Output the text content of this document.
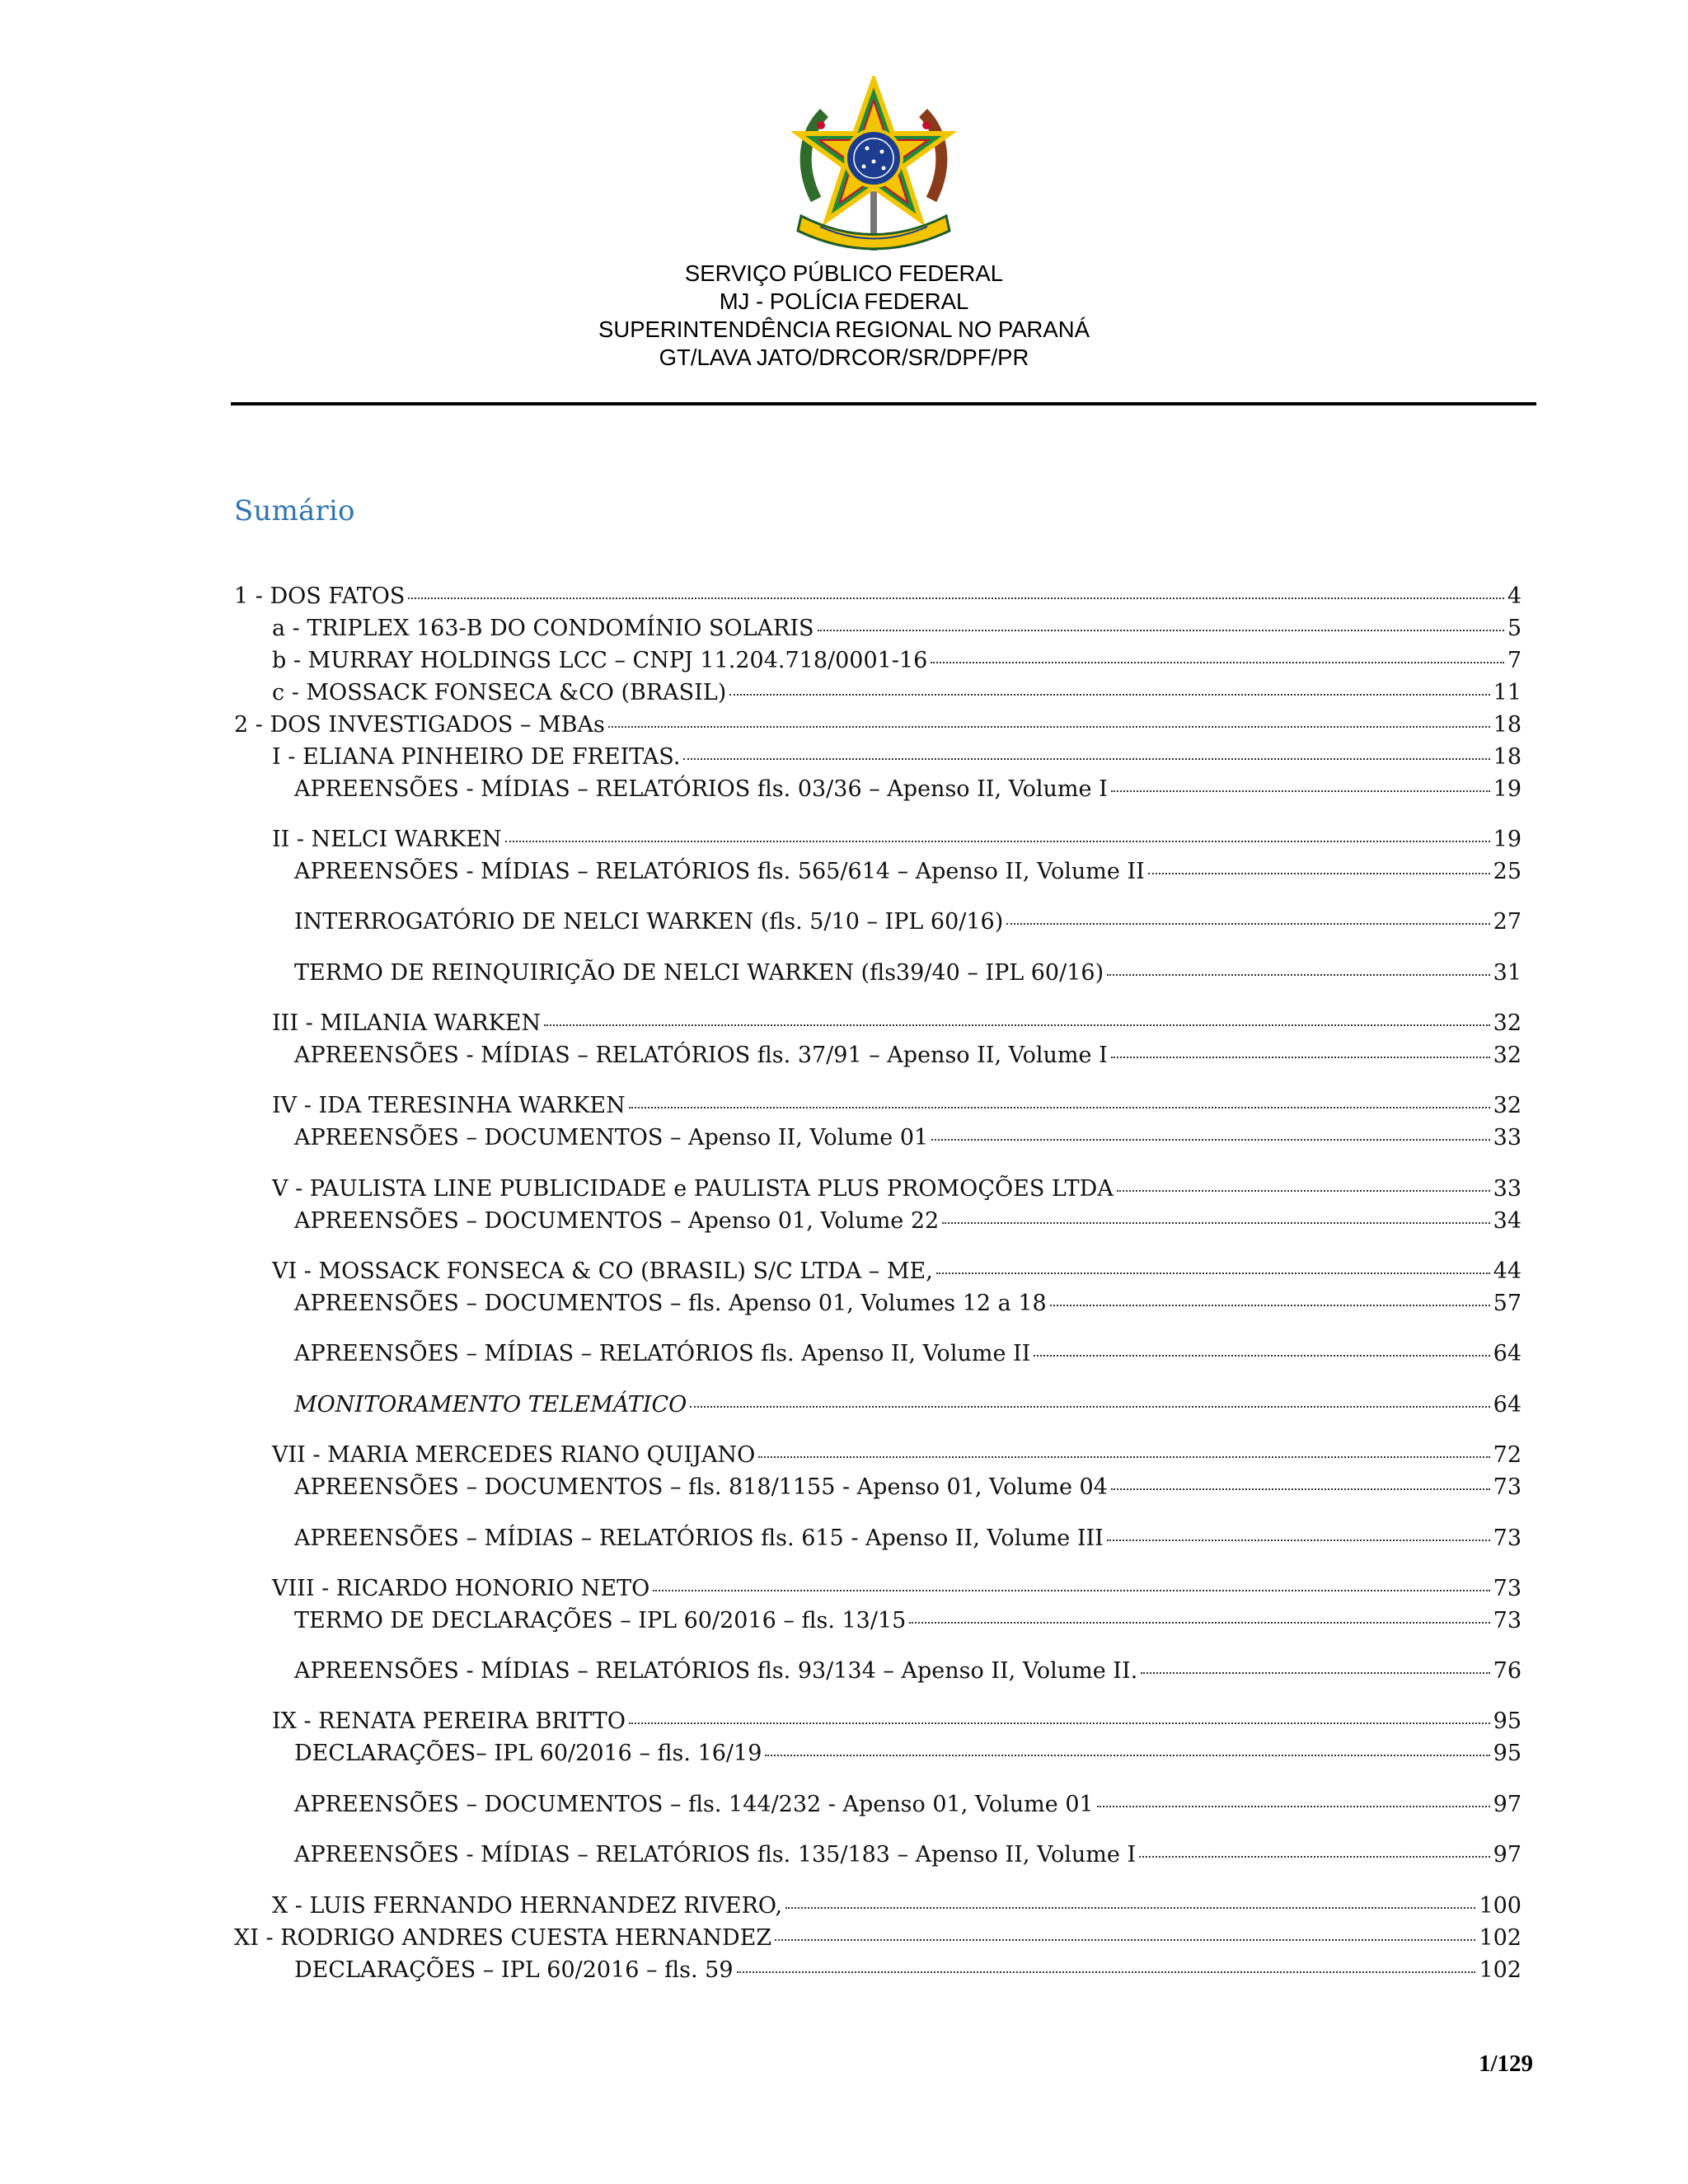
SERVIÇO PÚBLICO FEDERAL
MJ - POLÍCIA FEDERAL
SUPERINTENDÊNCIA REGIONAL NO PARANÁ
GT/LAVA JATO/DRCOR/SR/DPF/PR
Sumário
1 - DOS FATOS	4
a - TRIPLEX 163-B DO CONDOMÍNIO SOLARIS	5
b - MURRAY HOLDINGS LCC – CNPJ 11.204.718/0001-16	7
c - MOSSACK FONSECA &CO (BRASIL)	11
2 - DOS INVESTIGADOS – MBAs	18
I - ELIANA PINHEIRO DE FREITAS.	18
APREENSÕES - MÍDIAS – RELATÓRIOS fls. 03/36 – Apenso II, Volume I	19
II - NELCI WARKEN	19
APREENSÕES - MÍDIAS – RELATÓRIOS fls. 565/614 – Apenso II, Volume II	25
INTERROGATÓRIO DE NELCI WARKEN (fls. 5/10 – IPL 60/16)	27
TERMO DE REINQUIRIÇÃO DE NELCI WARKEN (fls39/40 – IPL 60/16)	31
III - MILANIA WARKEN	32
APREENSÕES - MÍDIAS – RELATÓRIOS fls. 37/91 – Apenso II, Volume I	32
IV - IDA TERESINHA WARKEN	32
APREENSÕES – DOCUMENTOS – Apenso II, Volume 01	33
V - PAULISTA LINE PUBLICIDADE e PAULISTA PLUS PROMOÇÕES LTDA	33
APREENSÕES – DOCUMENTOS – Apenso 01, Volume 22	34
VI - MOSSACK FONSECA & CO (BRASIL) S/C LTDA – ME,	44
APREENSÕES – DOCUMENTOS – fls. Apenso 01, Volumes 12 a 18	57
APREENSÕES – MÍDIAS – RELATÓRIOS fls. Apenso II, Volume II	64
MONITORAMENTO TELEMÁTICO	64
VII - MARIA MERCEDES RIANO QUIJANO	72
APREENSÕES – DOCUMENTOS – fls. 818/1155 - Apenso 01, Volume 04	73
APREENSÕES – MÍDIAS – RELATÓRIOS fls. 615 - Apenso II, Volume III	73
VIII - RICARDO HONORIO NETO	73
TERMO DE DECLARAÇÕES – IPL 60/2016 – fls. 13/15	73
APREENSÕES - MÍDIAS – RELATÓRIOS fls. 93/134 – Apenso II, Volume II.	76
IX - RENATA PEREIRA BRITTO	95
DECLARAÇÕES– IPL 60/2016 – fls. 16/19	95
APREENSÕES – DOCUMENTOS – fls. 144/232 - Apenso 01, Volume 01	97
APREENSÕES - MÍDIAS – RELATÓRIOS fls. 135/183 – Apenso II, Volume I	97
X - LUIS FERNANDO HERNANDEZ RIVERO,	100
XI - RODRIGO ANDRES CUESTA HERNANDEZ	102
DECLARAÇÕES – IPL 60/2016 – fls. 59	102
1/129
